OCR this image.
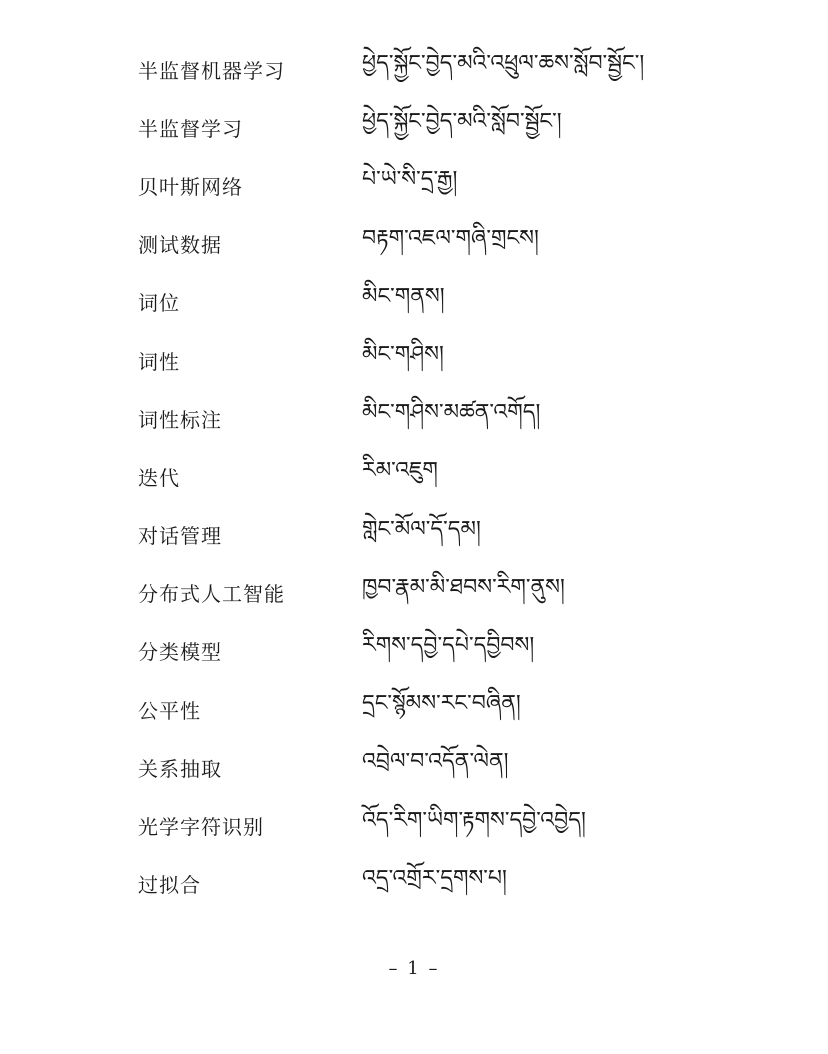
半监督机器学习	ཕྱེད་སྐྱོང་བྱེད་མའི་འཕྲུལ་ཆས་སློབ་སྦྱོང་།
半监督学习	ཕྱེད་སྐྱོང་བྱེད་མའི་སློབ་སྦྱོང་།
贝叶斯网络	པེ་ཡེ་སི་དྲ་རྒྱ།
测试数据	བརྟག་འཇལ་གཞི་གྲངས།
词位	མིང་གནས།
词性	མིང་གཤིས།
词性标注	མིང་གཤིས་མཚན་འགོད།
迭代	རིམ་འཇུག
对话管理	གླེང་མོལ་དོ་དམ།
分布式人工智能	ཁྱབ་རྣམ་མི་ཐབས་རིག་ནུས།
分类模型	རིགས་དབྱེ་དཔེ་དབྱིབས།
公平性	དྲང་སྙོམས་རང་བཞིན།
关系抽取	འབྲེལ་བ་འདོན་ལེན།
光学字符识别	འོད་རིག་ཡིག་རྟགས་དབྱེ་འབྱེད།
过拟合	འདྲ་འགྲོར་དྲགས་པ།
– 1 –
